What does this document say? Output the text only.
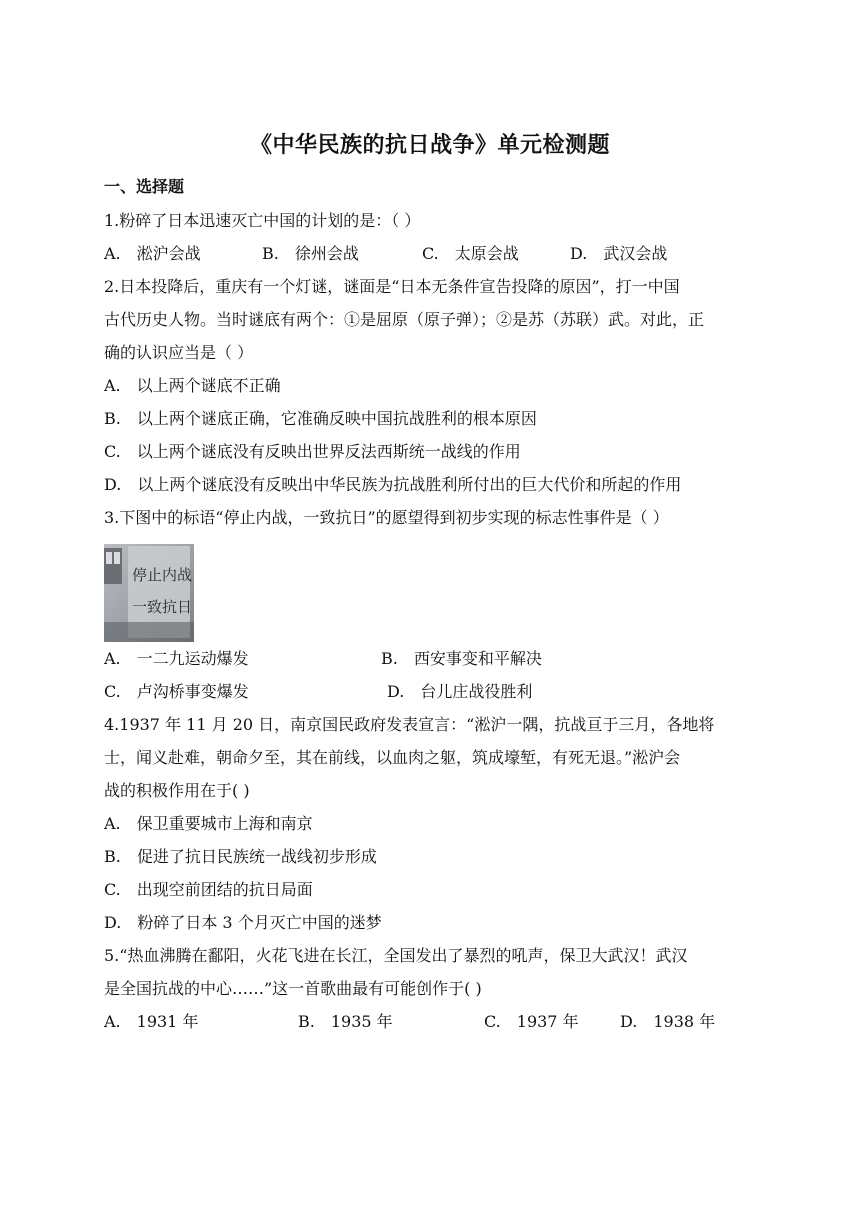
《中华民族的抗日战争》单元检测题
一、选择题
1.粉碎了日本迅速灭亡中国的计划的是：（ ）
A.　淞沪会战	B.　徐州会战	C.　太原会战	D.　武汉会战
2.日本投降后，重庆有一个灯谜，谜面是“日本无条件宣告投降的原因”，打一中国
古代历史人物。当时谜底有两个：①是屈原（原子弹）；②是苏（苏联）武。对此，正
确的认识应当是（ ）
A.　以上两个谜底不正确
B.　以上两个谜底正确，它准确反映中国抗战胜利的根本原因
C.　以上两个谜底没有反映出世界反法西斯统一战线的作用
D.　以上两个谜底没有反映出中华民族为抗战胜利所付出的巨大代价和所起的作用
3.下图中的标语“停止内战，一致抗日”的愿望得到初步实现的标志性事件是（ ）
停止内战
一致抗日
A.　一二九运动爆发	B.　西安事变和平解决
C.　卢沟桥事变爆发	D.　台儿庄战役胜利
4.1937 年 11 月 20 日，南京国民政府发表宣言：“淞沪一隅，抗战亘于三月，各地将
士，闻义赴难，朝命夕至，其在前线，以血肉之躯，筑成壕堑，有死无退。”淞沪会
战的积极作用在于( )
A.　保卫重要城市上海和南京
B.　促进了抗日民族统一战线初步形成
C.　出现空前团结的抗日局面
D.　粉碎了日本 3 个月灭亡中国的迷梦
5.“热血沸腾在鄱阳，火花飞进在长江，全国发出了暴烈的吼声，保卫大武汉！武汉
是全国抗战的中心……”这一首歌曲最有可能创作于( )
A.　1931 年	B.　1935 年	C.　1937 年	D.　1938 年
